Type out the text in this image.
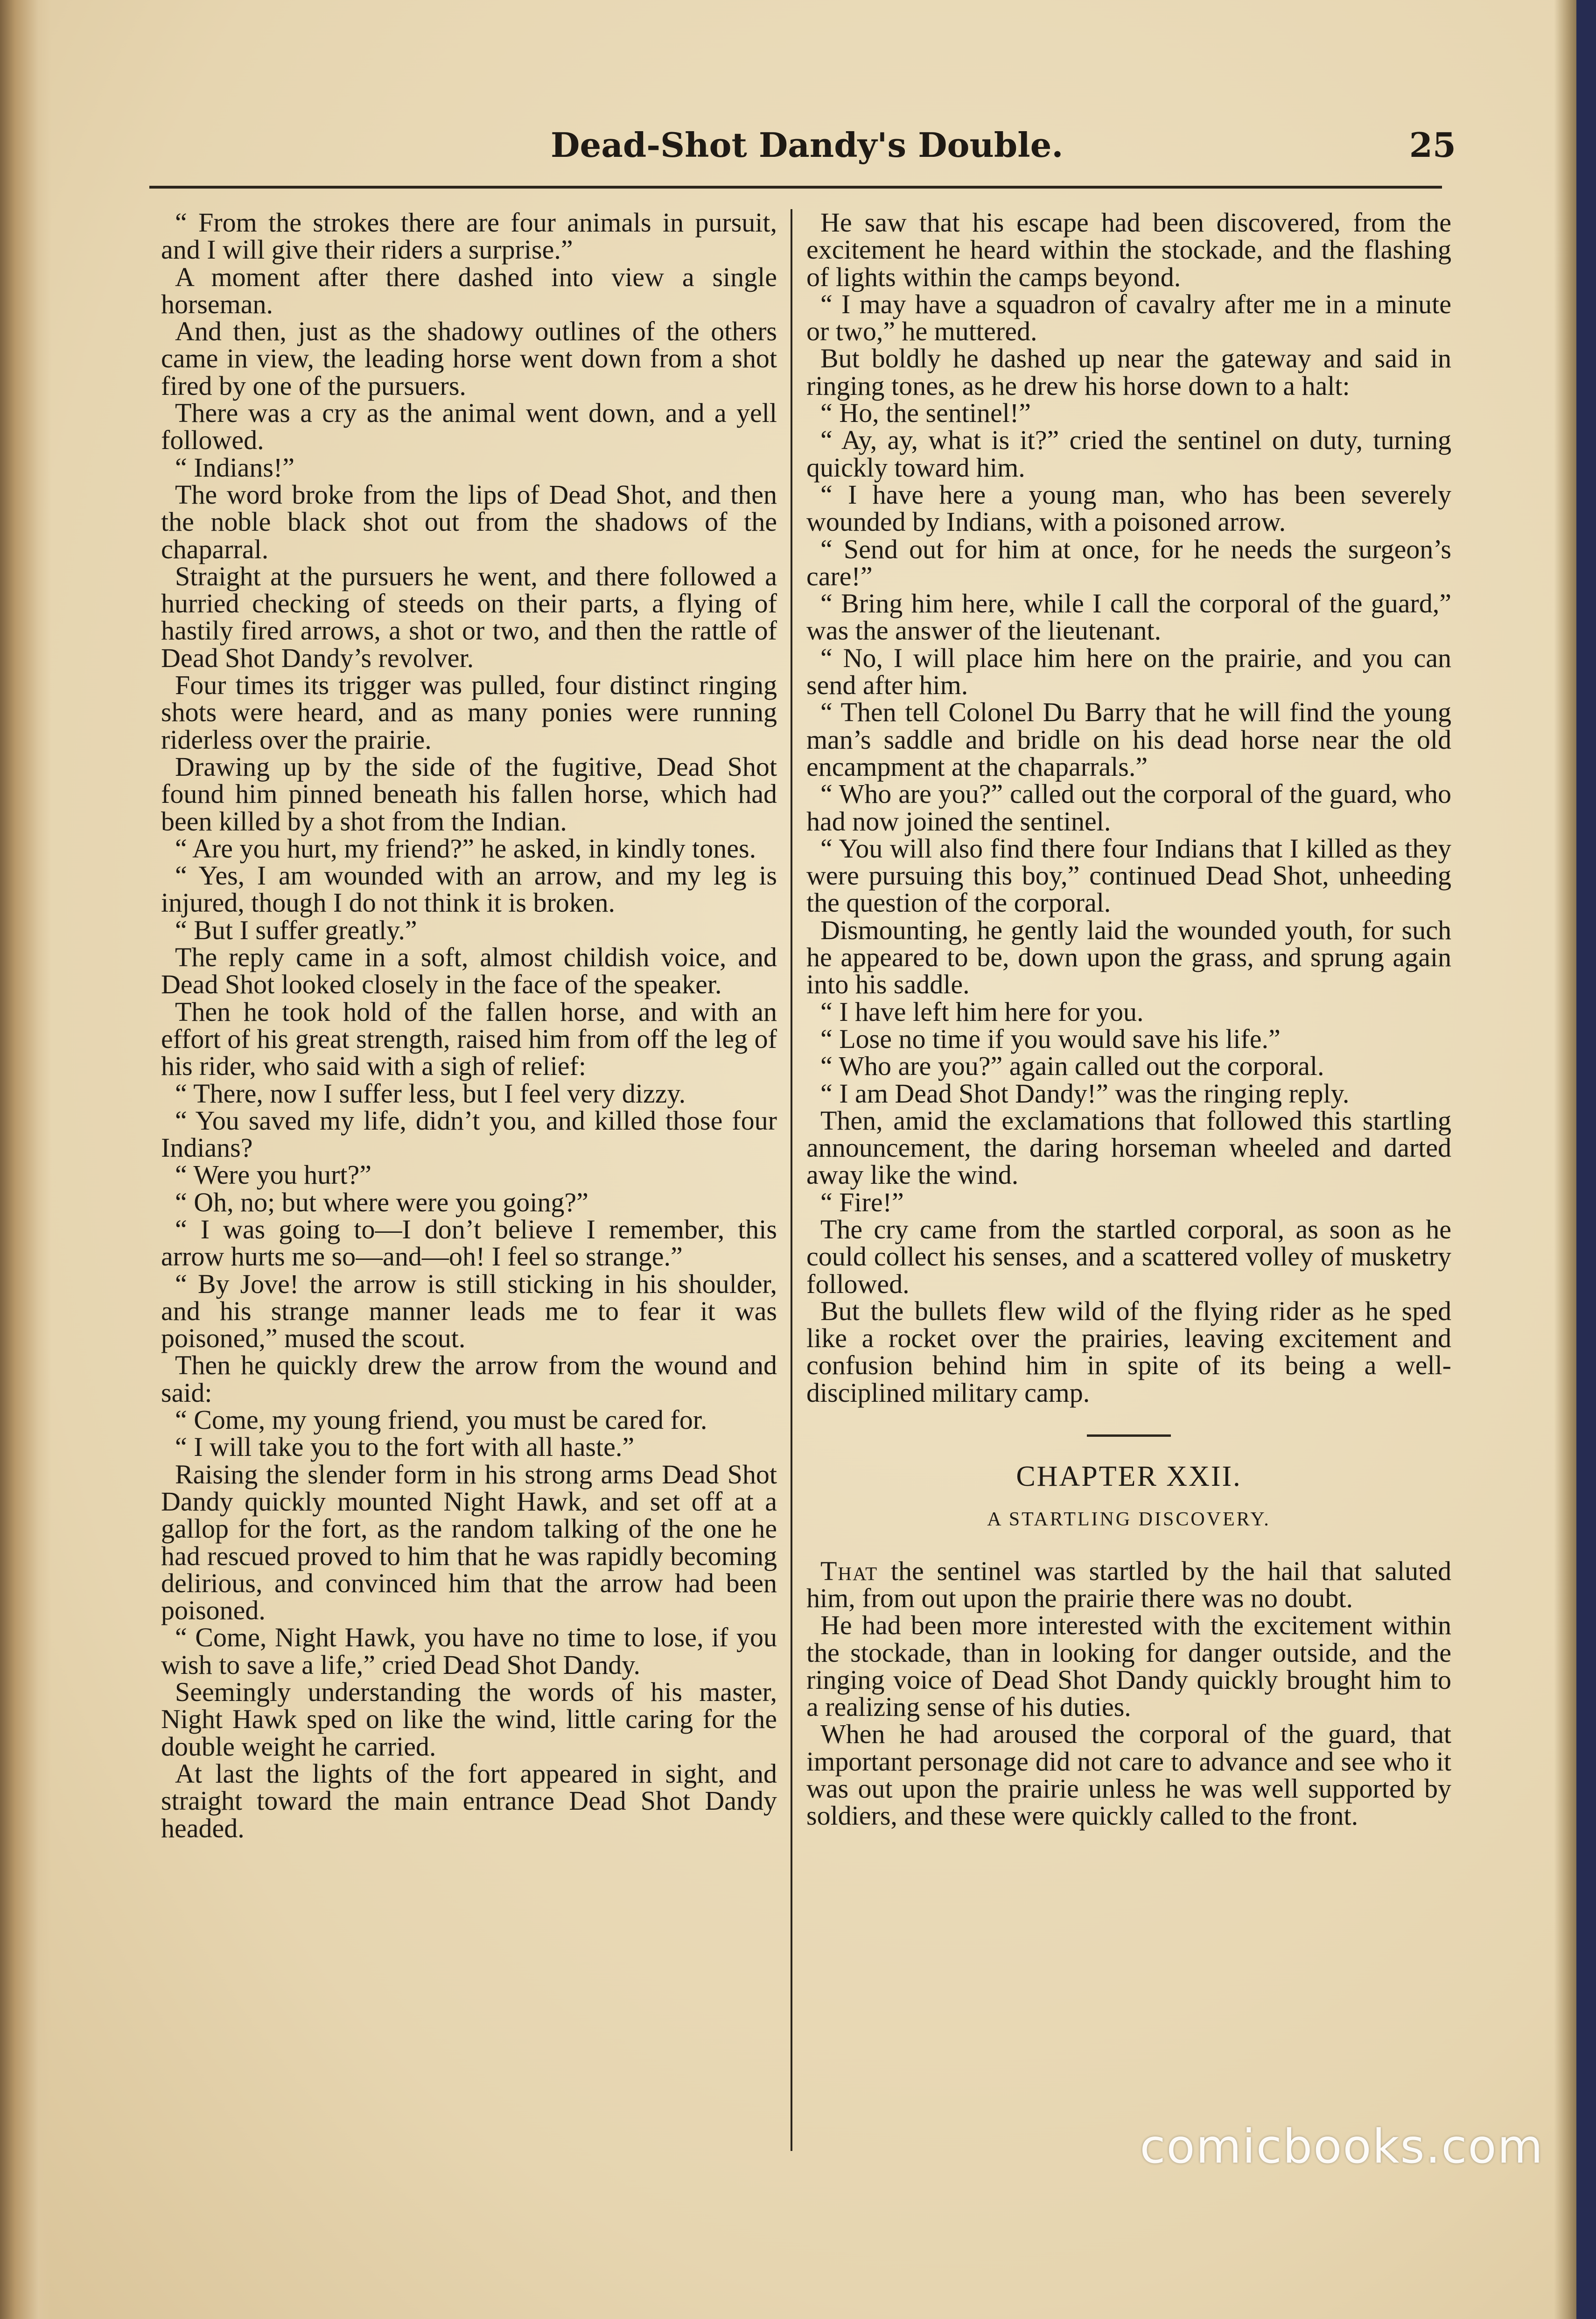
Dead-Shot Dandy's Double.	25

“ From the strokes there are four animals in pursuit, and I will give their riders a surprise.”

A moment after there dashed into view a single horseman.

And then, just as the shadowy outlines of the others came in view, the leading horse went down from a shot fired by one of the pursuers.

There was a cry as the animal went down, and a yell followed.

“ Indians!”

The word broke from the lips of Dead Shot, and then the noble black shot out from the shadows of the chaparral.

Straight at the pursuers he went, and there followed a hurried checking of steeds on their parts, a flying of hastily fired arrows, a shot or two, and then the rattle of Dead Shot Dandy’s revolver.

Four times its trigger was pulled, four distinct ringing shots were heard, and as many ponies were running riderless over the prairie.

Drawing up by the side of the fugitive, Dead Shot found him pinned beneath his fallen horse, which had been killed by a shot from the Indian.

“ Are you hurt, my friend?” he asked, in kindly tones.

“ Yes, I am wounded with an arrow, and my leg is injured, though I do not think it is broken.

“ But I suffer greatly.”

The reply came in a soft, almost childish voice, and Dead Shot looked closely in the face of the speaker.

Then he took hold of the fallen horse, and with an effort of his great strength, raised him from off the leg of his rider, who said with a sigh of relief:

“ There, now I suffer less, but I feel very dizzy.

“ You saved my life, didn’t you, and killed those four Indians?

“ Were you hurt?”

“ Oh, no; but where were you going?”

“ I was going to—I don’t believe I remember, this arrow hurts me so—and—oh! I feel so strange.”

“ By Jove! the arrow is still sticking in his shoulder, and his strange manner leads me to fear it was poisoned,” mused the scout.

Then he quickly drew the arrow from the wound and said:

“ Come, my young friend, you must be cared for.

“ I will take you to the fort with all haste.”

Raising the slender form in his strong arms Dead Shot Dandy quickly mounted Night Hawk, and set off at a gallop for the fort, as the random talking of the one he had rescued proved to him that he was rapidly becoming delirious, and convinced him that the arrow had been poisoned.

“ Come, Night Hawk, you have no time to lose, if you wish to save a life,” cried Dead Shot Dandy.

Seemingly understanding the words of his master, Night Hawk sped on like the wind, little caring for the double weight he carried.

At last the lights of the fort appeared in sight, and straight toward the main entrance Dead Shot Dandy headed.

He saw that his escape had been discovered, from the excitement he heard within the stockade, and the flashing of lights within the camps beyond.

“ I may have a squadron of cavalry after me in a minute or two,” he muttered.

But boldly he dashed up near the gateway and said in ringing tones, as he drew his horse down to a halt:

“ Ho, the sentinel!”

“ Ay, ay, what is it?” cried the sentinel on duty, turning quickly toward him.

“ I have here a young man, who has been severely wounded by Indians, with a poisoned arrow.

“ Send out for him at once, for he needs the surgeon’s care!”

“ Bring him here, while I call the corporal of the guard,” was the answer of the lieutenant.

“ No, I will place him here on the prairie, and you can send after him.

“ Then tell Colonel Du Barry that he will find the young man’s saddle and bridle on his dead horse near the old encampment at the chaparrals.”

“ Who are you?” called out the corporal of the guard, who had now joined the sentinel.

“ You will also find there four Indians that I killed as they were pursuing this boy,” continued Dead Shot, unheeding the question of the corporal.

Dismounting, he gently laid the wounded youth, for such he appeared to be, down upon the grass, and sprung again into his saddle.

“ I have left him here for you.

“ Lose no time if you would save his life.”

“ Who are you?” again called out the corporal.

“ I am Dead Shot Dandy!” was the ringing reply.

Then, amid the exclamations that followed this startling announcement, the daring horseman wheeled and darted away like the wind.

“ Fire!”

The cry came from the startled corporal, as soon as he could collect his senses, and a scattered volley of musketry followed.

But the bullets flew wild of the flying rider as he sped like a rocket over the prairies, leaving excitement and confusion behind him in spite of its being a well-disciplined military camp.

CHAPTER XXII.

A STARTLING DISCOVERY.

That the sentinel was startled by the hail that saluted him, from out upon the prairie there was no doubt.

He had been more interested with the excitement within the stockade, than in looking for danger outside, and the ringing voice of Dead Shot Dandy quickly brought him to a realizing sense of his duties.

When he had aroused the corporal of the guard, that important personage did not care to advance and see who it was out upon the prairie unless he was well supported by soldiers, and these were quickly called to the front.

comicbooks.com
